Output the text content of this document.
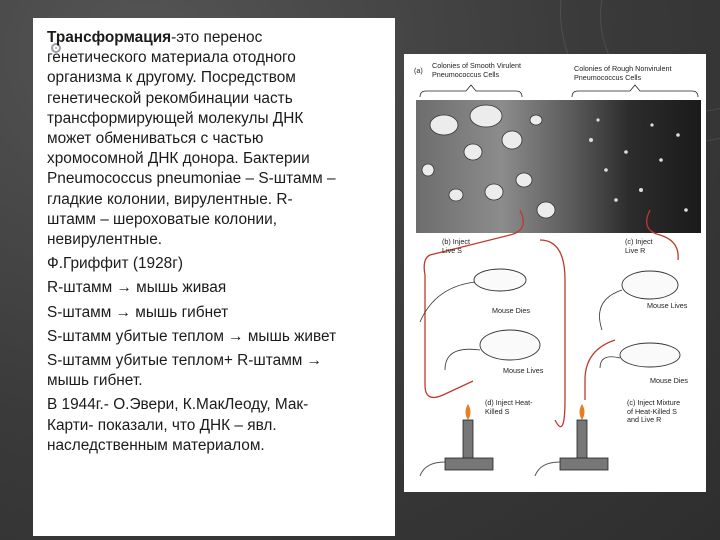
Трансформация-это перенос
генетического материала отодного
организма к другому. Посредством
генетической рекомбинации часть
трансформирующей молекулы ДНК
может обмениваться с частью
хромосомной ДНК донора. Бактерии
Pneumococcus pneumoniae – S-штамм –
гладкие колонии, вирулентные. R-
штамм – шероховатые колонии,
невирулентные.
Ф.Гриффит (1928г)
R-штамм → мышь живая
S-штамм → мышь гибнет
S-штамм убитые теплом → мышь живет
S-штамм убитые теплом+ R-штамм →
мышь гибнет.
В 1944г.- О.Эвери, К.МакЛеоду, Мак-
Карти- показали, что ДНК – явл.
наследственным материалом.
(a)
Colonies of Smooth Virulent
Pneumococcus Cells
Colonies of Rough Nonvirulent
Pneumococcus Cells
(b) Inject
Live S
(c) Inject
Live R
Mouse Dies
Mouse Lives
Mouse Lives
Mouse Dies
(d) Inject Heat-
Killed S
(c) Inject Mixture
of Heat-Killed S
and Live R
